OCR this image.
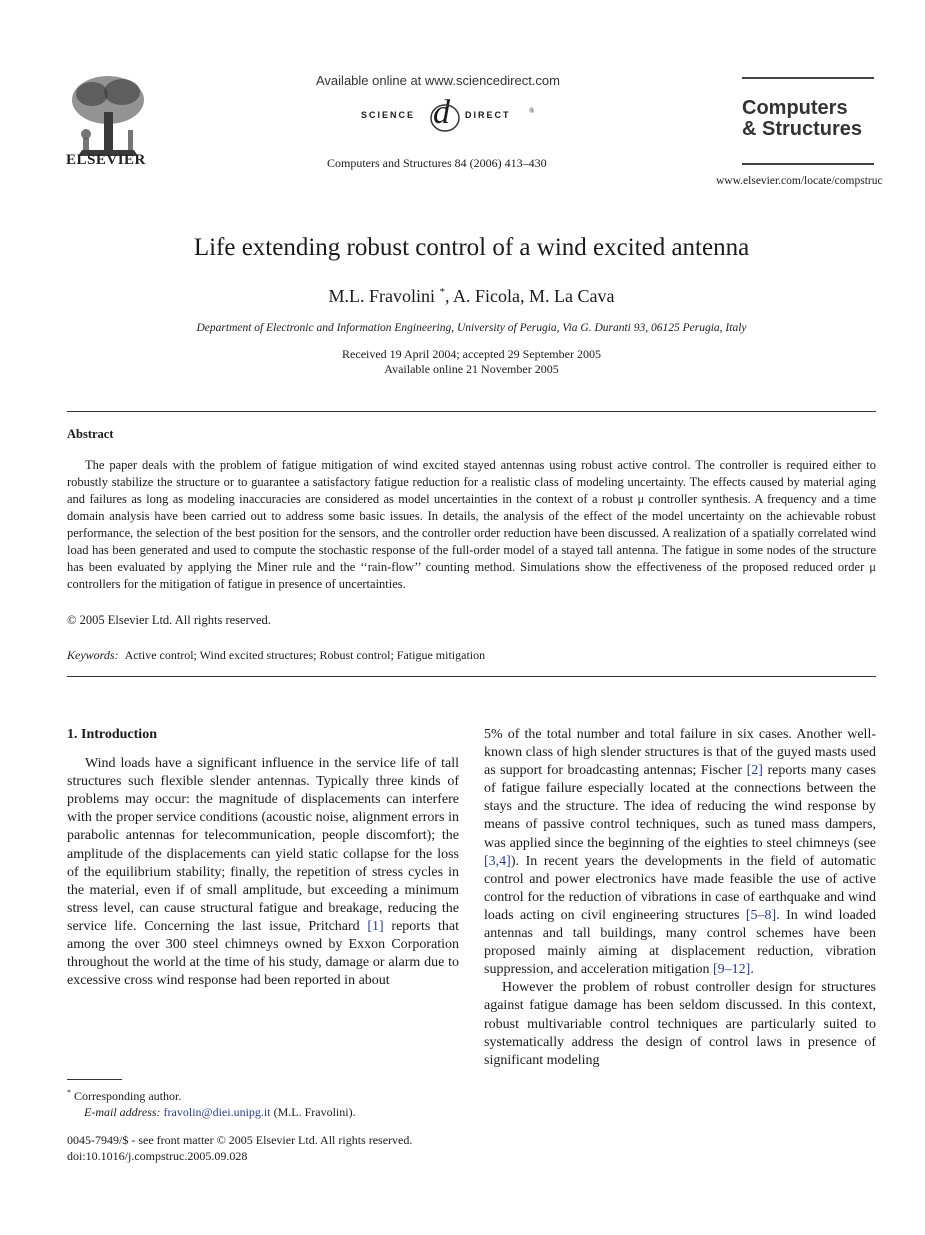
ELSEVIER
Available online at www.sciencedirect.com
SCIENCE d DIRECT	®
Computers and Structures 84 (2006) 413–430
Computers
& Structures
www.elsevier.com/locate/compstruc
Life extending robust control of a wind excited antenna
M.L. Fravolini *, A. Ficola, M. La Cava
Department of Electronic and Information Engineering, University of Perugia, Via G. Duranti 93, 06125 Perugia, Italy
Received 19 April 2004; accepted 29 September 2005
Available online 21 November 2005
Abstract
The paper deals with the problem of fatigue mitigation of wind excited stayed antennas using robust active control. The controller is required either to robustly stabilize the structure or to guarantee a satisfactory fatigue reduction for a realistic class of modeling uncertainty. The effects caused by material aging and failures as long as modeling inaccuracies are considered as model uncertainties in the context of a robust μ controller synthesis. A frequency and a time domain analysis have been carried out to address some basic issues. In details, the analysis of the effect of the model uncertainty on the achievable robust performance, the selection of the best position for the sensors, and the controller order reduction have been discussed. A realization of a spatially correlated wind load has been generated and used to compute the stochastic response of the full-order model of a stayed tall antenna. The fatigue in some nodes of the structure has been evaluated by applying the Miner rule and the ‘‘rain-flow’’ counting method. Simulations show the effectiveness of the proposed reduced order μ controllers for the mitigation of fatigue in presence of uncertainties.
© 2005 Elsevier Ltd. All rights reserved.
Keywords: Active control; Wind excited structures; Robust control; Fatigue mitigation

1. Introduction

Wind loads have a significant influence in the service life of tall structures such flexible slender antennas. Typically three kinds of problems may occur: the magnitude of displacements can interfere with the proper service conditions (acoustic noise, alignment errors in parabolic antennas for telecommunication, people discomfort); the amplitude of the displacements can yield static collapse for the loss of the equilibrium stability; finally, the repetition of stress cycles in the material, even if of small amplitude, but exceeding a minimum stress level, can cause structural fatigue and breakage, reducing the service life. Concerning the last issue, Pritchard [1] reports that among the over 300 steel chimneys owned by Exxon Corporation throughout the world at the time of his study, damage or alarm due to excessive cross wind response had been reported in about

5% of the total number and total failure in six cases. Another well-known class of high slender structures is that of the guyed masts used as support for broadcasting antennas; Fischer [2] reports many cases of fatigue failure especially located at the connections between the stays and the structure. The idea of reducing the wind response by means of passive control techniques, such as tuned mass dampers, was applied since the beginning of the eighties to steel chimneys (see [3,4]). In recent years the developments in the field of automatic control and power electronics have made feasible the use of active control for the reduction of vibrations in case of earthquake and wind loads acting on civil engineering structures [5–8]. In wind loaded antennas and tall buildings, many control schemes have been proposed mainly aiming at displacement reduction, vibration suppression, and acceleration mitigation [9–12].

However the problem of robust controller design for structures against fatigue damage has been seldom discussed. In this context, robust multivariable control techniques are particularly suited to systematically address the design of control laws in presence of significant modeling

* Corresponding author.
E-mail address: fravolin@diei.unipg.it (M.L. Fravolini).
0045-7949/$ - see front matter © 2005 Elsevier Ltd. All rights reserved.
doi:10.1016/j.compstruc.2005.09.028
